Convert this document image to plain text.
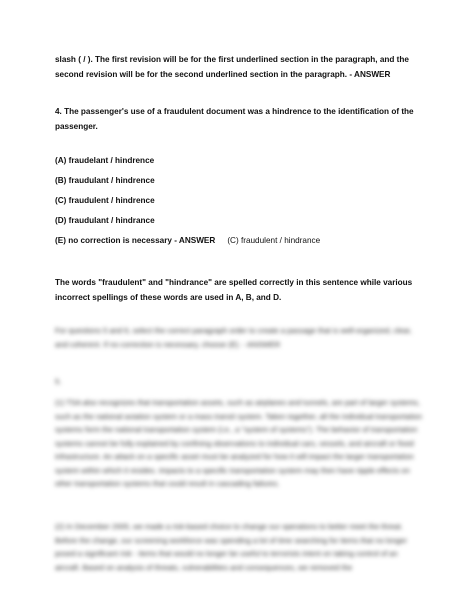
slash ( / ). The first revision will be for the first underlined section in the paragraph, and the second revision will be for the second underlined section in the paragraph. - ANSWER

4. The passenger's use of a fraudulent document was a hindrence to the identification of the passenger.

(A) fraudelant / hindrence

(B) fraudulant / hindrence

(C) fraudulent / hindrence

(D) fraudulant / hindrance

(E) no correction is necessary - ANSWER (C) fraudulent / hindrance

The words "fraudulent" and "hindrance" are spelled correctly in this sentence while various incorrect spellings of these words are used in A, B, and D.

For questions 5 and 6, select the correct paragraph order to create a passage that is well-organized, clear, and coherent. If no correction is necessary, choose (E). - ANSWER

5.

(1) TSA also recognizes that transportation assets, such as airplanes and tunnels, are part of larger systems, such as the national aviation system or a mass transit system. Taken together, all the individual transportation systems form the national transportation system (i.e., a "system of systems"). The behavior of transportation systems cannot be fully explained by confining observations to individual cars, vessels, and aircraft or fixed infrastructure. An attack on a specific asset must be analyzed for how it will impact the larger transportation system within which it resides. Impacts to a specific transportation system may then have ripple effects on other transportation systems that could result in cascading failures.

(2) In December 2005, we made a risk-based choice to change our operations to better meet the threat. Before the change, our screening workforce was spending a lot of time searching for items that no longer posed a significant risk - items that would no longer be useful to terrorists intent on taking control of an aircraft. Based on analysis of threats, vulnerabilities and consequences, we removed the
